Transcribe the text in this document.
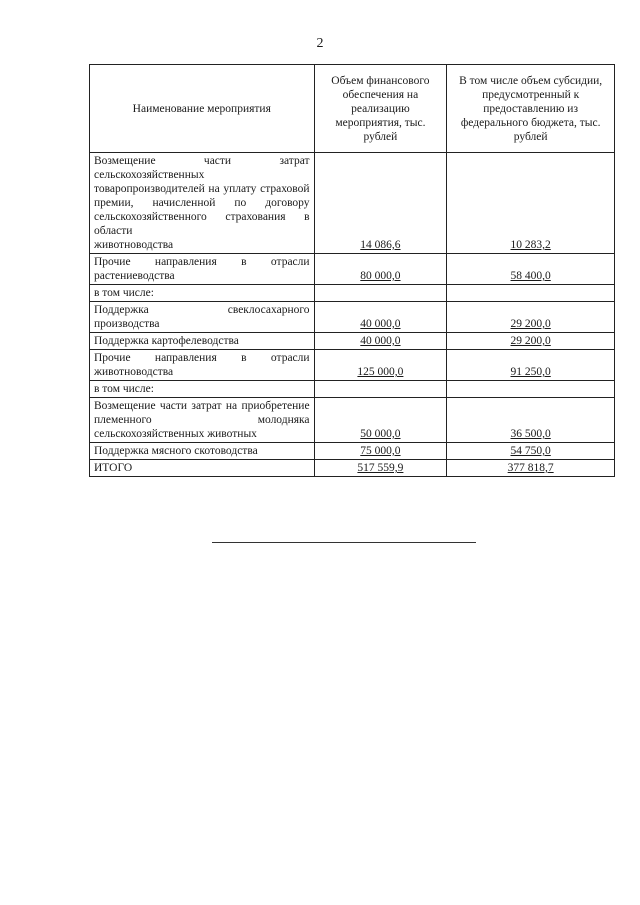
2
Наименование мероприятия	Объем финансового обеспечения на реализацию мероприятия, тыс. рублей	В том числе объем субсидии, предусмотренный к предоставлению из федерального бюджета, тыс. рублей
Возмещение части затрат сельскохозяйственных товаропроизводителей на уплату страховой премии, начисленной по договору сельскохозяйственного страхования в области
животноводства	14 086,6	10 283,2
Прочие направления в отрасли
растениеводства	80 000,0	58 400,0

в том числе:		

Поддержка свеклосахарного
производства	40 000,0	29 200,0

Поддержка картофелеводства	40 000,0	29 200,0
Прочие направления в отрасли
животноводства	125 000,0	91 250,0

в том числе:		

Возмещение части затрат на приобретение племенного молодняка
сельскохозяйственных животных	50 000,0	36 500,0

Поддержка мясного скотоводства	75 000,0	54 750,0

ИТОГО	517 559,9	377 818,7
